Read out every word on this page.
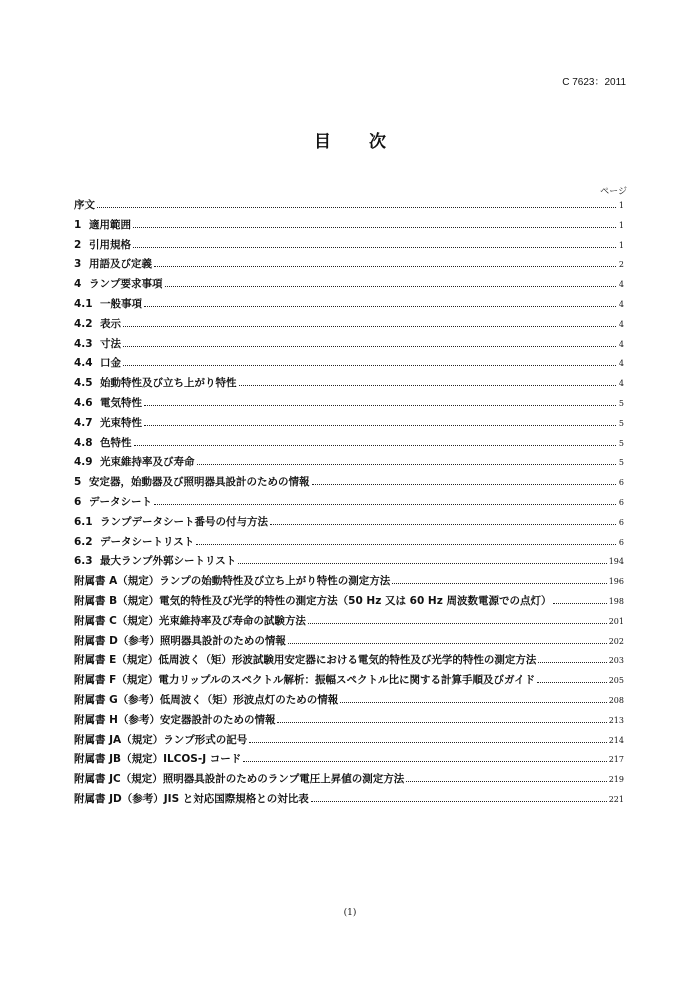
C 7623：2011
目 次
ページ
序文	1
1 適用範囲	1
2 引用規格	1
3 用語及び定義	2
4 ランプ要求事項	4
4.1 一般事項	4
4.2 表示	4
4.3 寸法	4
4.4 口金	4
4.5 始動特性及び立ち上がり特性	4
4.6 電気特性	5
4.7 光束特性	5
4.8 色特性	5
4.9 光束維持率及び寿命	5
5 安定器，始動器及び照明器具設計のための情報	6
6 データシート	6
6.1 ランプデータシート番号の付与方法	6
6.2 データシートリスト	6
6.3 最大ランプ外郭シートリスト	194
附属書 A（規定）ランプの始動特性及び立ち上がり特性の測定方法	196
附属書 B（規定）電気的特性及び光学的特性の測定方法（50 Hz 又は 60 Hz 周波数電源での点灯）	198
附属書 C（規定）光束維持率及び寿命の試験方法	201
附属書 D（参考）照明器具設計のための情報	202
附属書 E（規定）低周波く（矩）形波試験用安定器における電気的特性及び光学的特性の測定方法	203
附属書 F（規定）電力リップルのスペクトル解析：振幅スペクトル比に関する計算手順及びガイド	205
附属書 G（参考）低周波く（矩）形波点灯のための情報	208
附属書 H（参考）安定器設計のための情報	213
附属書 JA（規定）ランプ形式の記号	214
附属書 JB（規定）ILCOS-J コード	217
附属書 JC（規定）照明器具設計のためのランプ電圧上昇値の測定方法	219
附属書 JD（参考）JIS と対応国際規格との対比表	221
(1)
